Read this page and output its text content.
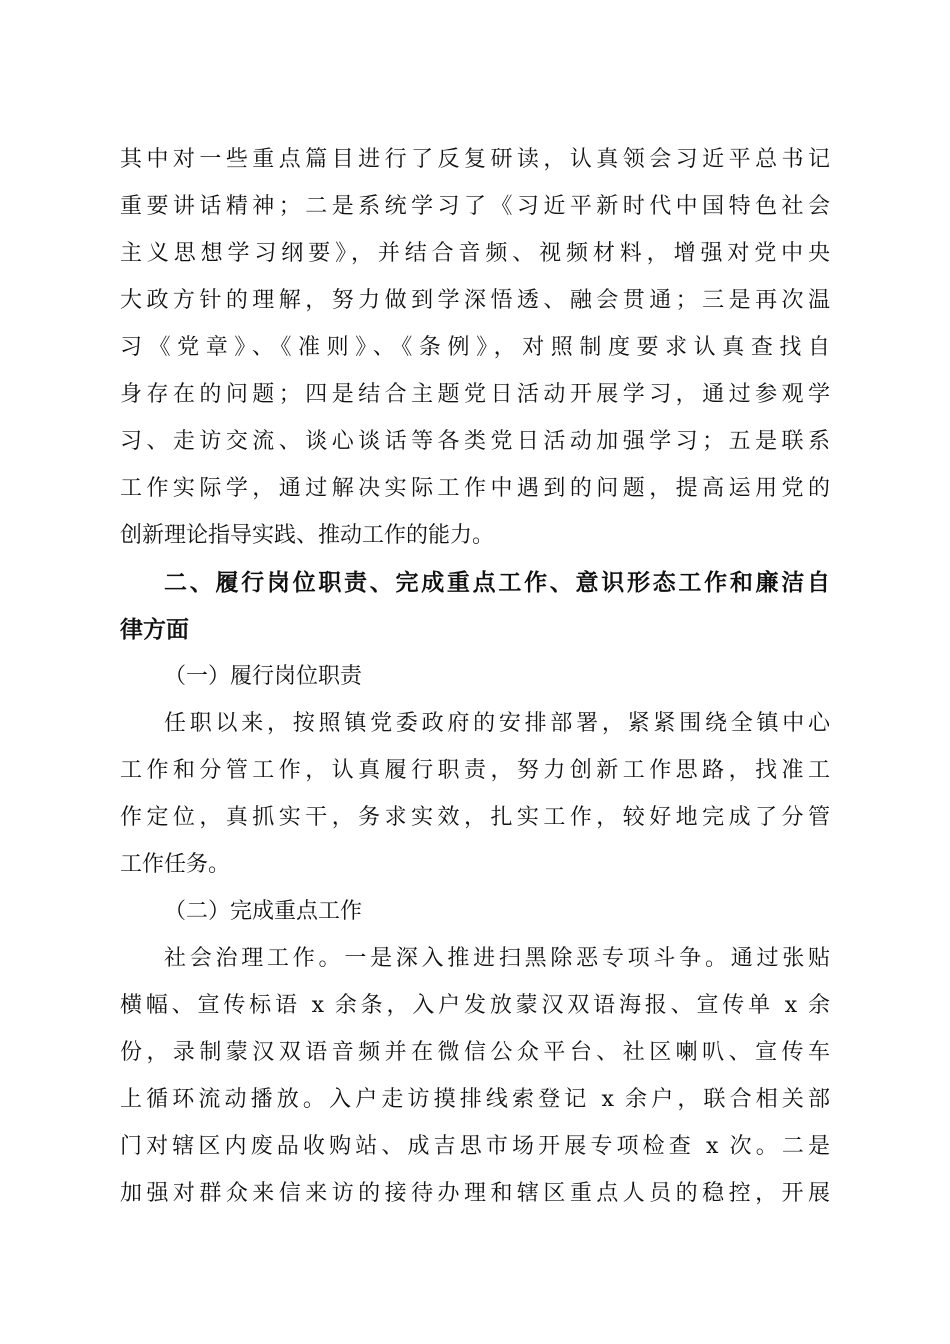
其中对一些重点篇目进行了反复研读，认真领会习近平总书记
重要讲话精神；二是系统学习了《习近平新时代中国特色社会
主义思想学习纲要》，并结合音频、视频材料，增强对党中央
大政方针的理解，努力做到学深悟透、融会贯通；三是再次温
习《党章》、《准则》、《条例》，对照制度要求认真查找自
身存在的问题；四是结合主题党日活动开展学习，通过参观学
习、走访交流、谈心谈话等各类党日活动加强学习；五是联系
工作实际学，通过解决实际工作中遇到的问题，提高运用党的
创新理论指导实践、推动工作的能力。
二、履行岗位职责、完成重点工作、意识形态工作和廉洁自
律方面
（一）履行岗位职责
任职以来，按照镇党委政府的安排部署，紧紧围绕全镇中心
工作和分管工作，认真履行职责，努力创新工作思路，找准工
作定位，真抓实干，务求实效，扎实工作，较好地完成了分管
工作任务。
（二）完成重点工作
社会治理工作。一是深入推进扫黑除恶专项斗争。通过张贴
横幅、宣传标语 x 余条，入户发放蒙汉双语海报、宣传单 x 余
份，录制蒙汉双语音频并在微信公众平台、社区喇叭、宣传车
上循环流动播放。入户走访摸排线索登记 x 余户，联合相关部
门对辖区内废品收购站、成吉思市场开展专项检查 x 次。二是
加强对群众来信来访的接待办理和辖区重点人员的稳控，开展
